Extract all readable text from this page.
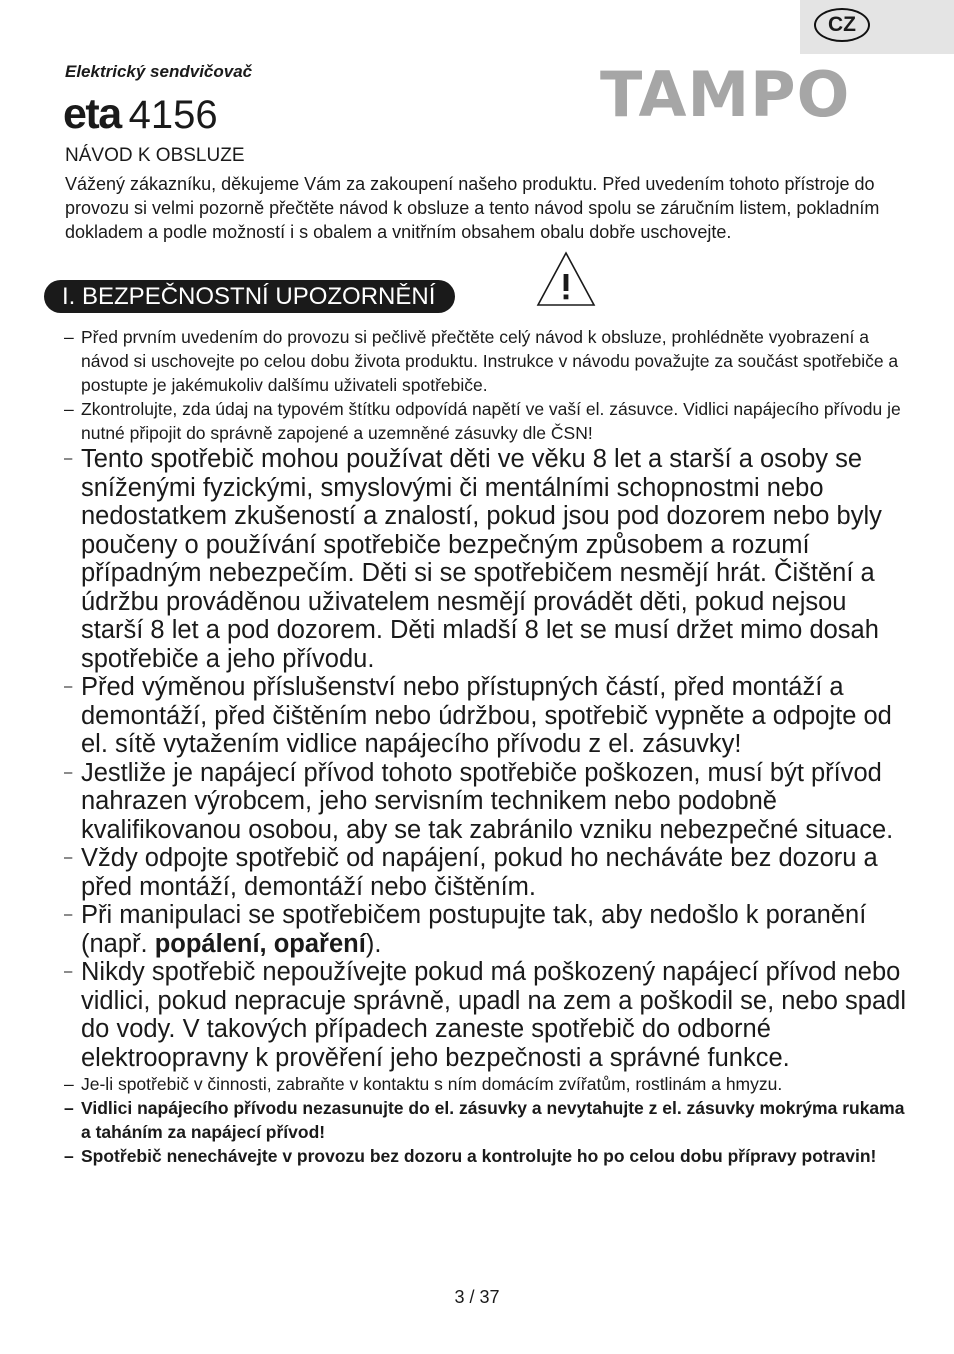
CZ
Elektrický sendvičovač
eta 4156	TAMPO
NÁVOD K OBSLUZE
Vážený zákazníku, děkujeme Vám za zakoupení našeho produktu. Před uvedením tohoto přístroje do provozu si velmi pozorně přečtěte návod k obsluze a tento návod spolu se záručním listem, pokladním dokladem a podle možností i s obalem a vnitřním obsahem obalu dobře uschovejte.
I. BEZPEČNOSTNÍ UPOZORNĚNÍ
– Před prvním uvedením do provozu si pečlivě přečtěte celý návod k obsluze, prohlédněte vyobrazení a návod si uschovejte po celou dobu života produktu. Instrukce v návodu považujte za součást spotřebiče a postupte je jakémukoliv dalšímu uživateli spotřebiče.
– Zkontrolujte, zda údaj na typovém štítku odpovídá napětí ve vaší el. zásuvce. Vidlici napájecího přívodu je nutné připojit do správně zapojené a uzemněné zásuvky dle ČSN!
– Tento spotřebič mohou používat děti ve věku 8 let a starší a osoby se sníženými fyzickými, smyslovými či mentálními schopnostmi nebo nedostatkem zkušeností a znalostí, pokud jsou pod dozorem nebo byly poučeny o používání spotřebiče bezpečným způsobem a rozumí případným nebezpečím. Děti si se spotřebičem nesmějí hrát. Čištění a údržbu prováděnou uživatelem nesmějí provádět děti, pokud nejsou starší 8 let a pod dozorem. Děti mladší 8 let se musí držet mimo dosah spotřebiče a jeho přívodu.
– Před výměnou příslušenství nebo přístupných částí, před montáží a demontáží, před čištěním nebo údržbou, spotřebič vypněte a odpojte od el. sítě vytažením vidlice napájecího přívodu z el. zásuvky!
– Jestliže je napájecí přívod tohoto spotřebiče poškozen, musí být přívod nahrazen výrobcem, jeho servisním technikem nebo podobně kvalifikovanou osobou, aby se tak zabránilo vzniku nebezpečné situace.
– Vždy odpojte spotřebič od napájení, pokud ho necháváte bez dozoru a před montáží, demontáží nebo čištěním.
– Při manipulaci se spotřebičem postupujte tak, aby nedošlo k poranění (např. popálení, opaření).
– Nikdy spotřebič nepoužívejte pokud má poškozený napájecí přívod nebo vidlici, pokud nepracuje správně, upadl na zem a poškodil se, nebo spadl do vody. V takových případech zaneste spotřebič do odborné elektroopravny k prověření jeho bezpečnosti a správné funkce.
– Je-li spotřebič v činnosti, zabraňte v kontaktu s ním domácím zvířatům, rostlinám a hmyzu.
– Vidlici napájecího přívodu nezasunujte do el. zásuvky a nevytahujte z el. zásuvky mokrýma rukama a taháním za napájecí přívod!
– Spotřebič nenechávejte v provozu bez dozoru a kontrolujte ho po celou dobu přípravy potravin!
3 / 37
